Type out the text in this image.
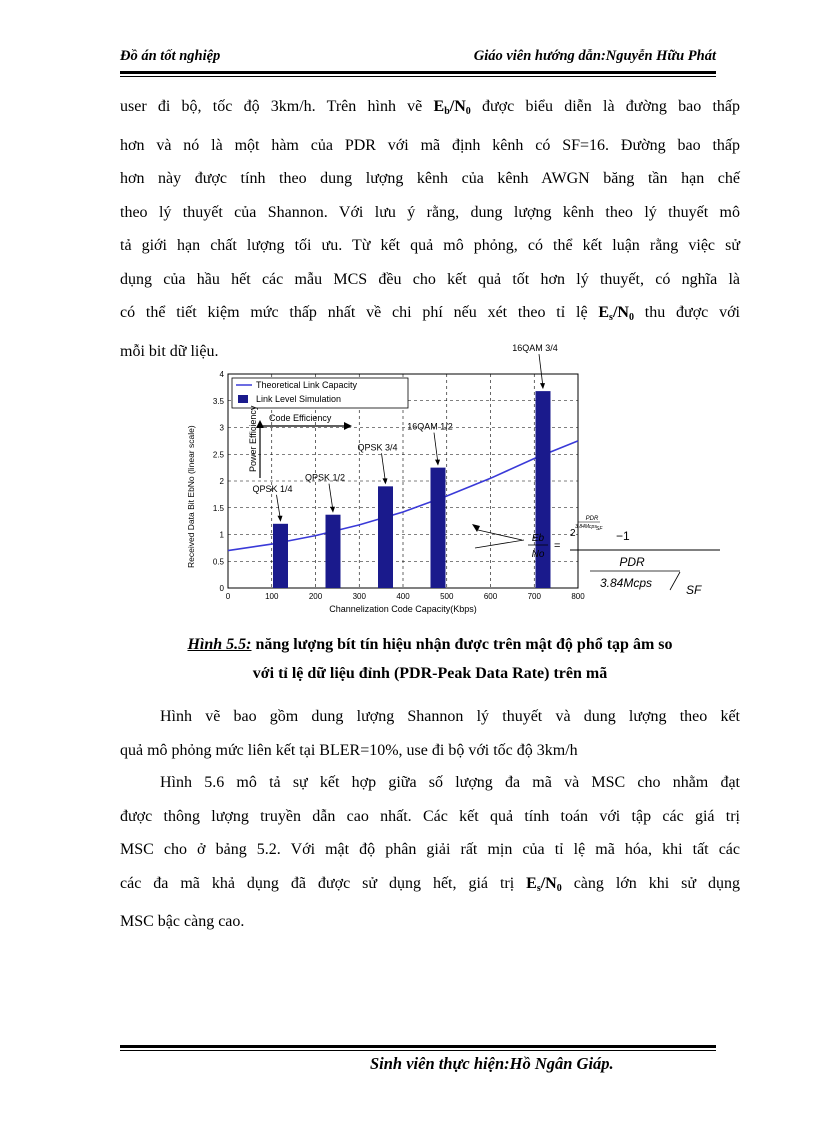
Đồ án tốt nghiệp	Giáo viên hướng dẫn:Nguyễn Hữu Phát
user đi bộ, tốc độ 3km/h. Trên hình vẽ $E_b/N_0$ được biểu diễn là đường bao thấp
hơn và nó là một hàm của PDR với mã định kênh có SF=16. Đường bao thấp
hơn này được tính theo dung lượng kênh của kênh AWGN băng tần hạn chế
theo lý thuyết của Shannon. Với lưu ý rằng, dung lượng kênh theo lý thuyết mô
tả giới hạn chất lượng tối ưu. Từ kết quả mô phỏng, có thể kết luận rằng việc sử
dụng của hầu hết các mẫu MCS đều cho kết quả tốt hơn lý thuyết, có nghĩa là
có thể tiết kiệm mức thấp nhất về chi phí nếu xét theo tỉ lệ $E_s/N_0$ thu được với
mỗi bit dữ liệu.
QPSK 1/4
QPSK 1/2
QPSK 3/4
16QAM 1/2
16QAM 3/4
0	100	200	300	400	500	600	700	800
0
0.5
1
1.5
2
2.5
3
3.5
4
Theoretical Link Capacity
Link Level Simulation
Code Efficiency
Power Efficiency
Received Data Bit EbNo (linear scale)
Channelization Code Capacity(Kbps)
Eb
No
=
2
PDR
3.84Mcps SF −1
PDR
3.84Mcps	SF
Hình 5.5: năng lượng bít tín hiệu nhận được trên mật độ phổ tạp âm so
với tỉ lệ dữ liệu đỉnh (PDR-Peak Data Rate) trên mã
Hình vẽ bao gồm dung lượng Shannon lý thuyết và dung lượng theo kết
quả mô phỏng mức liên kết tại BLER=10%, use đi bộ với tốc độ 3km/h
Hình 5.6 mô tả sự kết hợp giữa số lượng đa mã và MSC cho nhằm đạt
được thông lượng truyền dẫn cao nhất. Các kết quả tính toán với tập các giá trị
MSC cho ở bảng 5.2. Với mật độ phân giải rất mịn của tỉ lệ mã hóa, khi tất các
các đa mã khả dụng đã được sử dụng hết, giá trị $E_s/N_0$ càng lớn khi sử dụng
MSC bậc càng cao.
Sinh viên thực hiện:Hồ Ngân Giáp.
